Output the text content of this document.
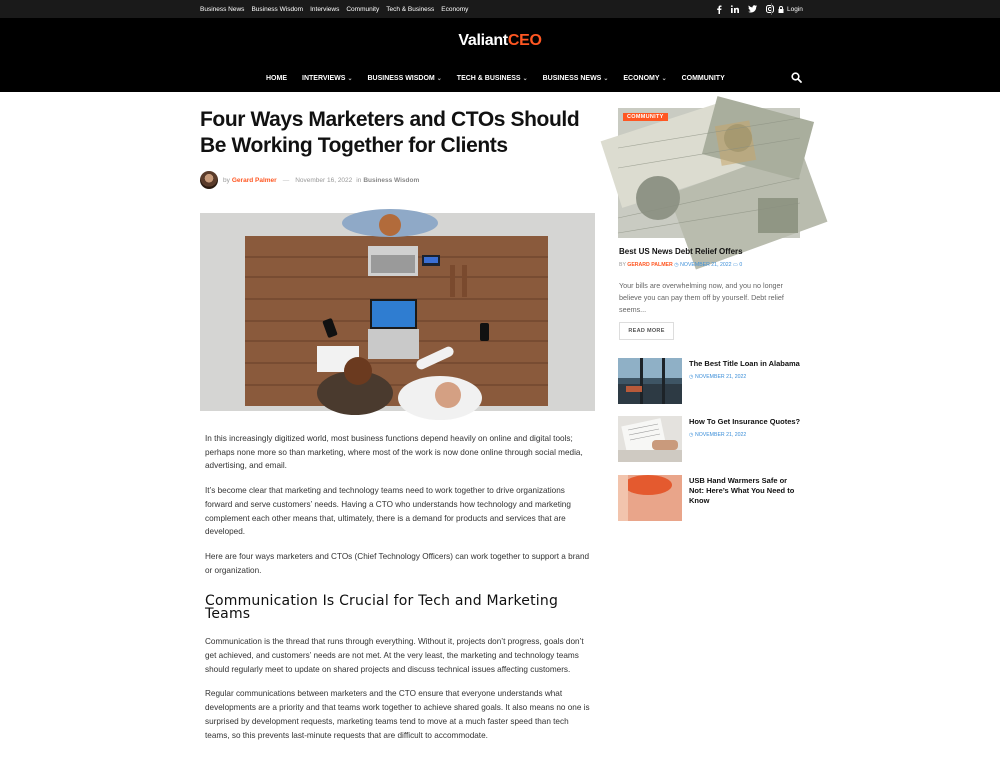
Business News Business Wisdom Interviews Community Tech & Business Economy	Login
ValiantCEO
HOME INTERVIEWS ⌄ BUSINESS WISDOM ⌄ TECH & BUSINESS ⌄ BUSINESS NEWS ⌄ ECONOMY ⌄ COMMUNITY
Four Ways Marketers and CTOs Should Be Working Together for Clients
by Gerard Palmer — November 16, 2022 in Business Wisdom

In this increasingly digitized world, most business functions depend heavily on online and digital tools; perhaps none more so than marketing, where most of the work is now done online through social media, advertising, and email.

It’s become clear that marketing and technology teams need to work together to drive organizations forward and serve customers’ needs. Having a CTO who understands how technology and marketing complement each other means that, ultimately, there is a demand for products and services that are developed.

Here are four ways marketers and CTOs (Chief Technology Officers) can work together to support a brand or organization.

Communication Is Crucial for Tech and Marketing Teams

Communication is the thread that runs through everything. Without it, projects don’t progress, goals don’t get achieved, and customers’ needs are not met. At the very least, the marketing and technology teams should regularly meet to update on shared projects and discuss technical issues affecting customers.

Regular communications between marketers and the CTO ensure that everyone understands what developments are a priority and that teams work together to achieve shared goals. It also means no one is surprised by development requests, marketing teams tend to move at a much faster speed than tech teams, so this prevents last-minute requests that are difficult to accommodate.

COMMUNITY
Best US News Debt Relief Offers
BY GERARD PALMER ◷ NOVEMBER 21, 2022 ▭ 0
Your bills are overwhelming now, and you no longer believe you can pay them off by yourself. Debt relief seems...
READ MORE
The Best Title Loan in Alabama
◷ NOVEMBER 21, 2022
How To Get Insurance Quotes?
◷ NOVEMBER 21, 2022
USB Hand Warmers Safe or Not: Here’s What You Need to Know
